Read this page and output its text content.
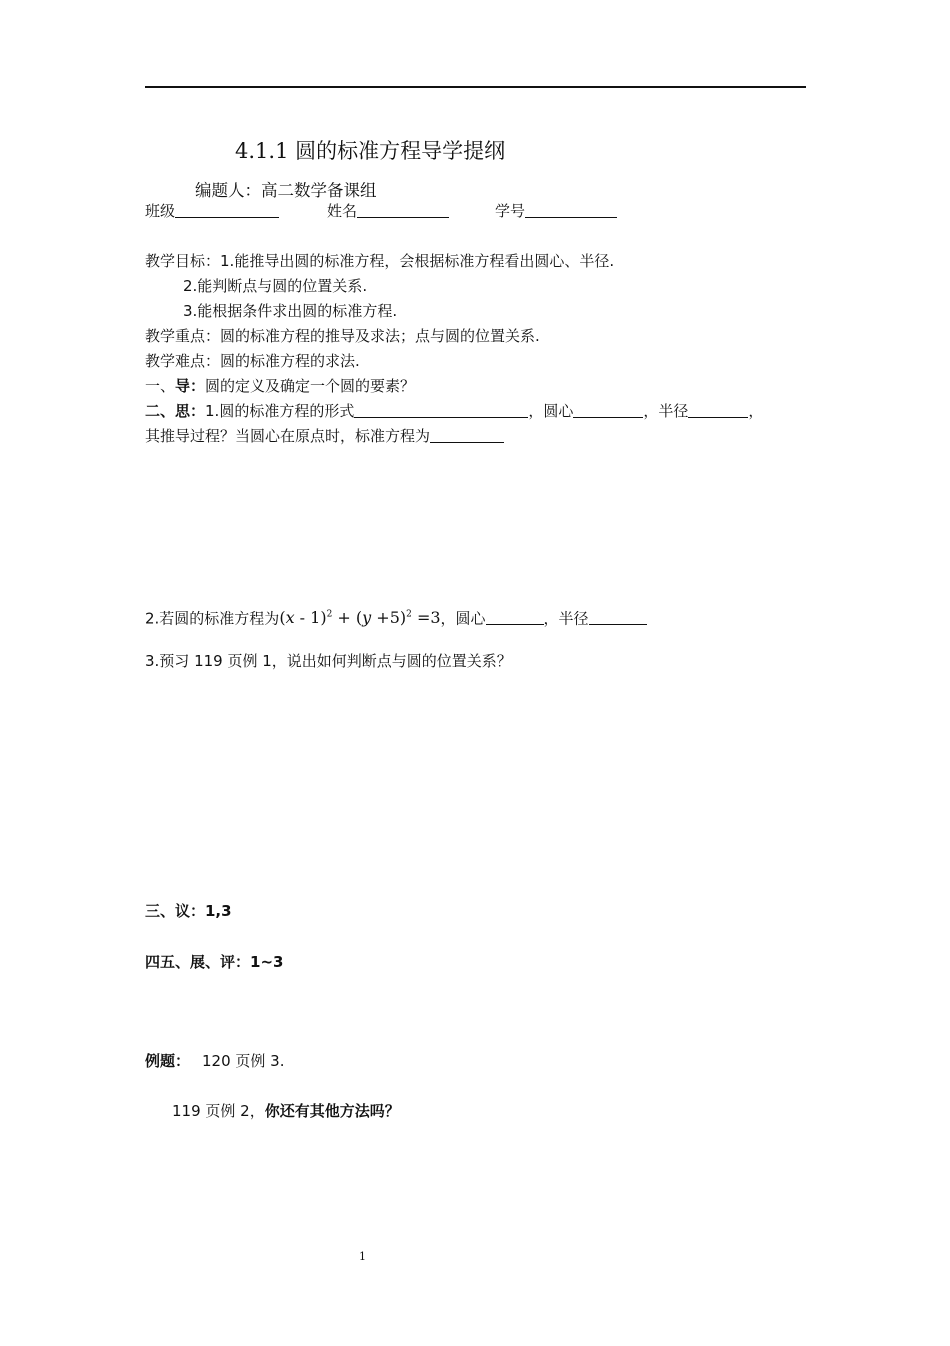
4.1.1 圆的标准方程导学提纲
编题人：高二数学备课组
班级	姓名	学号
教学目标：1.能推导出圆的标准方程，会根据标准方程看出圆心、半径.
2.能判断点与圆的位置关系.
3.能根据条件求出圆的标准方程.
教学重点：圆的标准方程的推导及求法；点与圆的位置关系.
教学难点：圆的标准方程的求法.
一、导：圆的定义及确定一个圆的要素？
二、思：1.圆的标准方程的形式	，圆心	，半径	，
其推导过程？当圆心在原点时，标准方程为
2.若圆的标准方程为$(x - 1)^2 + (y +5)^2 =3$，圆心	，半径
3.预习 119 页例 1，说出如何判断点与圆的位置关系？
三、议：1,3
四五、展、评：1~3
例题： 120 页例 3.
119 页例 2，你还有其他方法吗？
1
